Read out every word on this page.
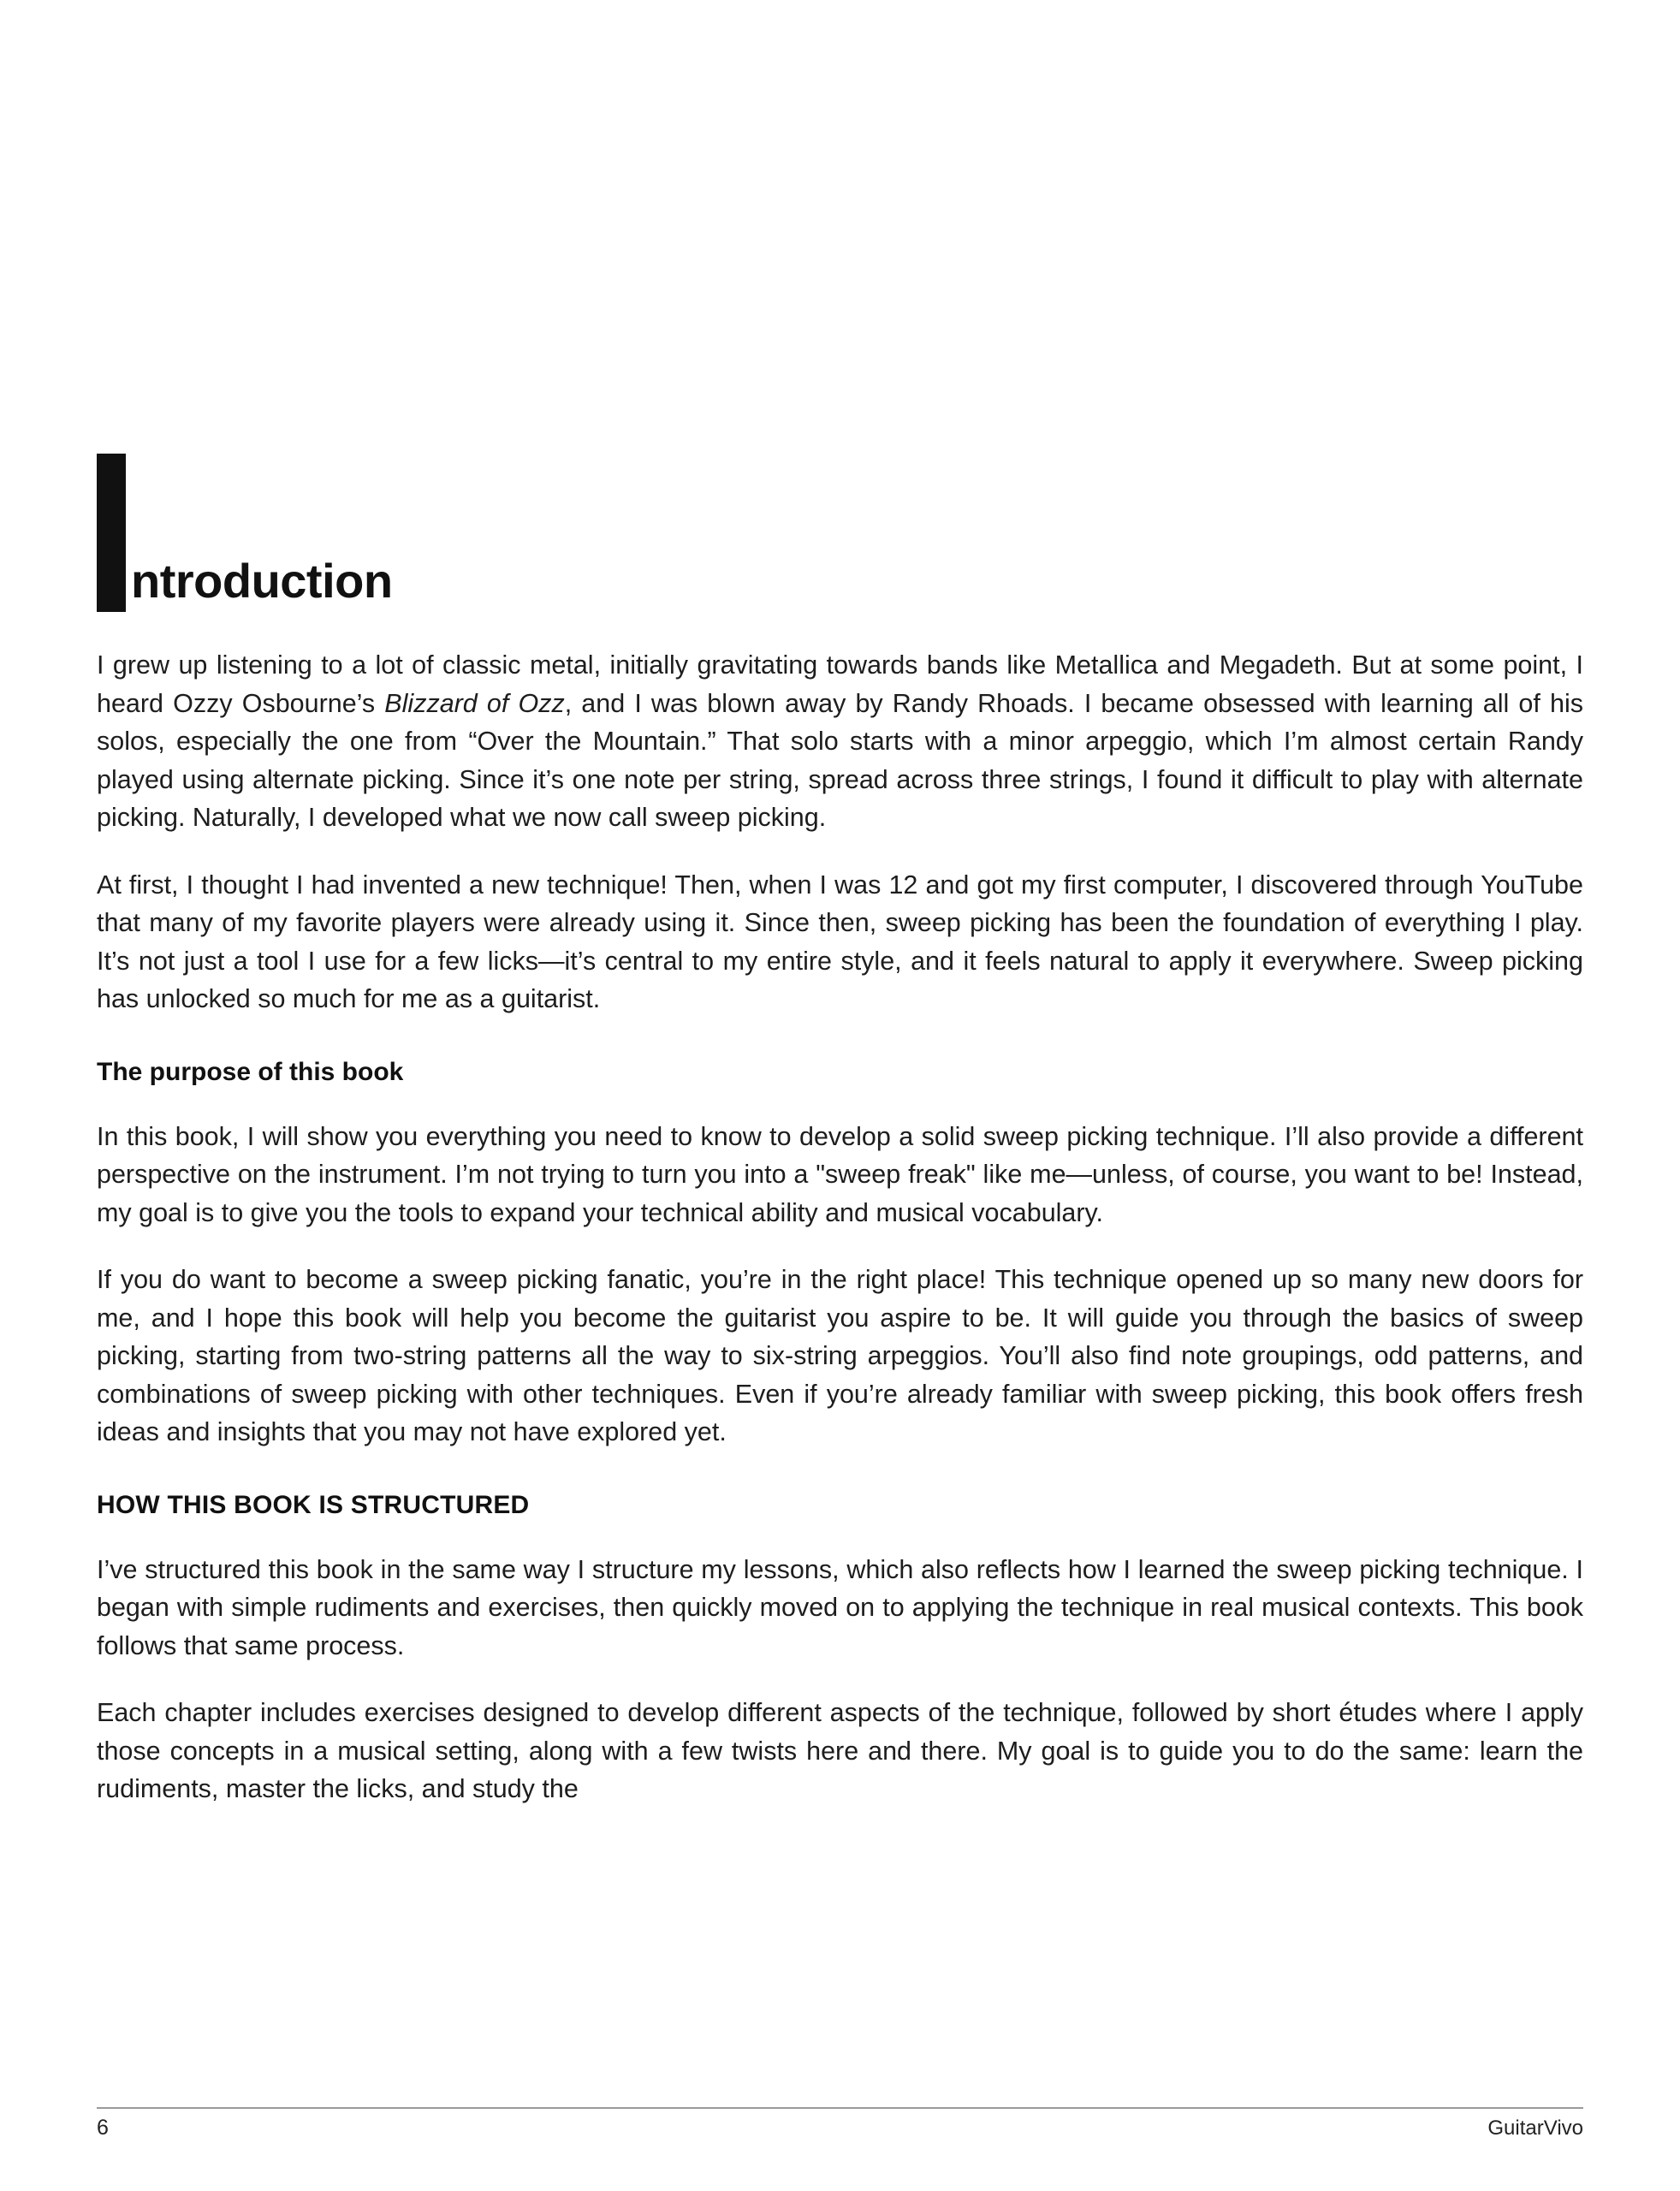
ntroduction

I grew up listening to a lot of classic metal, initially gravitating towards bands like Metallica and Megadeth. But at some point, I heard Ozzy Osbourne’s Blizzard of Ozz, and I was blown away by Randy Rhoads. I became obsessed with learning all of his solos, especially the one from “Over the Mountain.” That solo starts with a minor arpeggio, which I’m almost certain Randy played using alternate picking. Since it’s one note per string, spread across three strings, I found it difficult to play with alternate picking. Naturally, I developed what we now call sweep picking.

At first, I thought I had invented a new technique! Then, when I was 12 and got my first computer, I discovered through YouTube that many of my favorite players were already using it. Since then, sweep picking has been the foundation of everything I play. It’s not just a tool I use for a few licks—it’s central to my entire style, and it feels natural to apply it everywhere. Sweep picking has unlocked so much for me as a guitarist.

The purpose of this book

In this book, I will show you everything you need to know to develop a solid sweep picking technique. I’ll also provide a different perspective on the instrument. I’m not trying to turn you into a "sweep freak" like me—unless, of course, you want to be! Instead, my goal is to give you the tools to expand your technical ability and musical vocabulary.

If you do want to become a sweep picking fanatic, you’re in the right place! This technique opened up so many new doors for me, and I hope this book will help you become the guitarist you aspire to be. It will guide you through the basics of sweep picking, starting from two-string patterns all the way to six-string arpeggios. You’ll also find note groupings, odd patterns, and combinations of sweep picking with other techniques. Even if you’re already familiar with sweep picking, this book offers fresh ideas and insights that you may not have explored yet.

HOW THIS BOOK IS STRUCTURED

I’ve structured this book in the same way I structure my lessons, which also reflects how I learned the sweep picking technique. I began with simple rudiments and exercises, then quickly moved on to applying the technique in real musical contexts. This book follows that same process.

Each chapter includes exercises designed to develop different aspects of the technique, followed by short études where I apply those concepts in a musical setting, along with a few twists here and there. My goal is to guide you to do the same: learn the rudiments, master the licks, and study the

6	GuitarVivo
